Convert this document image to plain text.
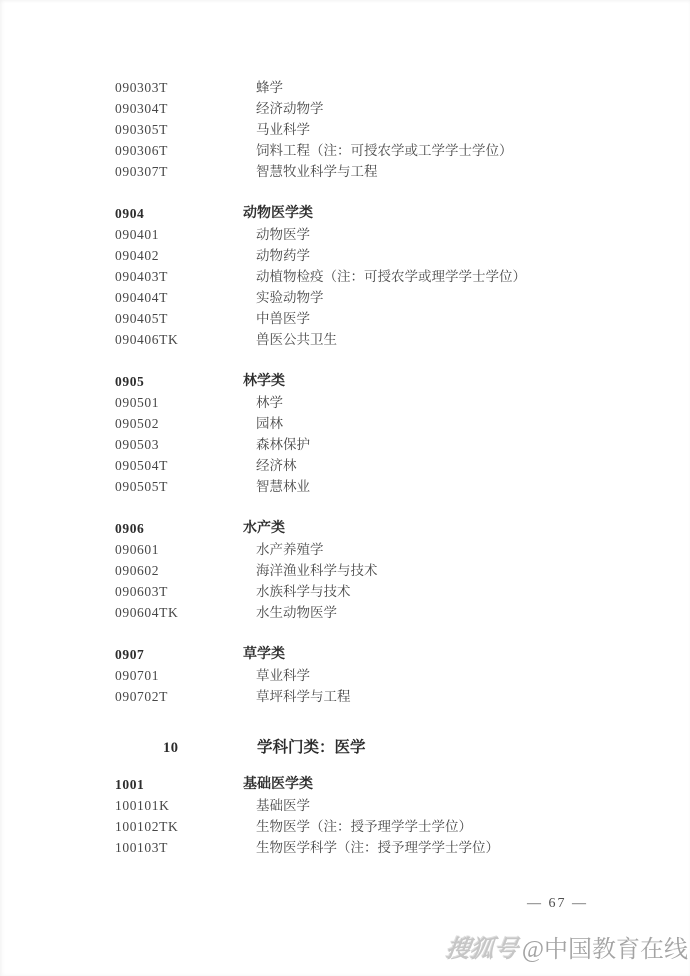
090303T	蜂学
090304T	经济动物学
090305T	马业科学
090306T	饲料工程（注：可授农学或工学学士学位）
090307T	智慧牧业科学与工程
0904	动物医学类
090401	动物医学
090402	动物药学
090403T	动植物检疫（注：可授农学或理学学士学位）
090404T	实验动物学
090405T	中兽医学
090406TK	兽医公共卫生
0905	林学类
090501	林学
090502	园林
090503	森林保护
090504T	经济林
090505T	智慧林业
0906	水产类
090601	水产养殖学
090602	海洋渔业科学与技术
090603T	水族科学与技术
090604TK	水生动物医学
0907	草学类
090701	草业科学
090702T	草坪科学与工程
10	学科门类：医学
1001	基础医学类
100101K	基础医学
100102TK	生物医学（注：授予理学学士学位）
100103T	生物医学科学（注：授予理学学士学位）
— 67 —
搜狐号@中国教育在线
